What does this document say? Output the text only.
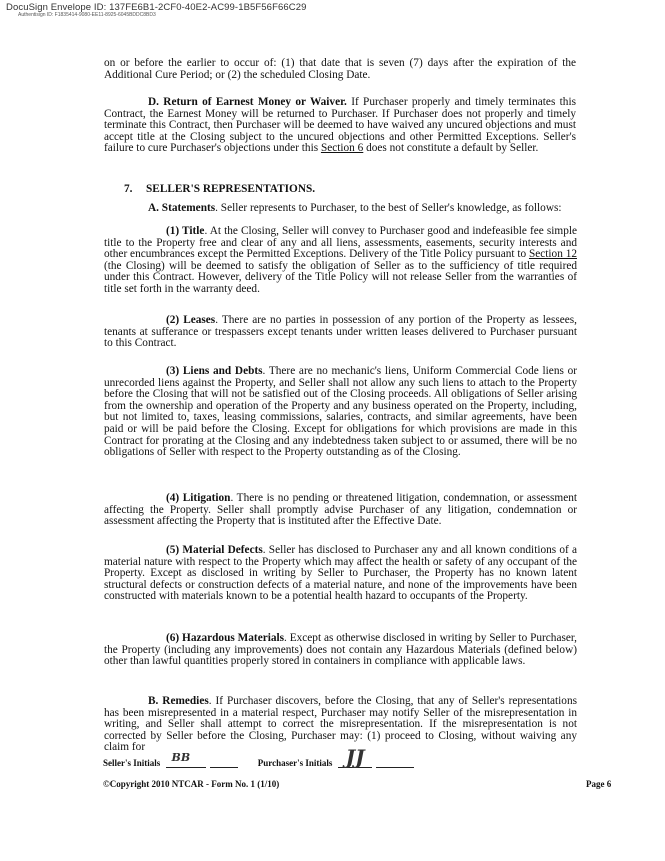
DocuSign Envelope ID: 137FE6B1-2CF0-40E2-AC99-1B5F56F66C29
Authentisign ID: F1835414-9080-EE11-8925-6045BDDC8BD3

on or before the earlier to occur of: (1) that date that is seven (7) days after the expiration of the Additional Cure Period; or (2) the scheduled Closing Date.

D. Return of Earnest Money or Waiver. If Purchaser properly and timely terminates this Contract, the Earnest Money will be returned to Purchaser. If Purchaser does not properly and timely terminate this Contract, then Purchaser will be deemed to have waived any uncured objections and must accept title at the Closing subject to the uncured objections and other Permitted Exceptions. Seller's failure to cure Purchaser's objections under this Section 6 does not constitute a default by Seller.

7. SELLER'S REPRESENTATIONS.

A. Statements. Seller represents to Purchaser, to the best of Seller's knowledge, as follows:

(1) Title. At the Closing, Seller will convey to Purchaser good and indefeasible fee simple title to the Property free and clear of any and all liens, assessments, easements, security interests and other encumbrances except the Permitted Exceptions. Delivery of the Title Policy pursuant to Section 12 (the Closing) will be deemed to satisfy the obligation of Seller as to the sufficiency of title required under this Contract. However, delivery of the Title Policy will not release Seller from the warranties of title set forth in the warranty deed.

(2) Leases. There are no parties in possession of any portion of the Property as lessees, tenants at sufferance or trespassers except tenants under written leases delivered to Purchaser pursuant to this Contract.

(3) Liens and Debts. There are no mechanic's liens, Uniform Commercial Code liens or unrecorded liens against the Property, and Seller shall not allow any such liens to attach to the Property before the Closing that will not be satisfied out of the Closing proceeds. All obligations of Seller arising from the ownership and operation of the Property and any business operated on the Property, including, but not limited to, taxes, leasing commissions, salaries, contracts, and similar agreements, have been paid or will be paid before the Closing. Except for obligations for which provisions are made in this Contract for prorating at the Closing and any indebtedness taken subject to or assumed, there will be no obligations of Seller with respect to the Property outstanding as of the Closing.

(4) Litigation. There is no pending or threatened litigation, condemnation, or assessment affecting the Property. Seller shall promptly advise Purchaser of any litigation, condemnation or assessment affecting the Property that is instituted after the Effective Date.

(5) Material Defects. Seller has disclosed to Purchaser any and all known conditions of a material nature with respect to the Property which may affect the health or safety of any occupant of the Property. Except as disclosed in writing by Seller to Purchaser, the Property has no known latent structural defects or construction defects of a material nature, and none of the improvements have been constructed with materials known to be a potential health hazard to occupants of the Property.

(6) Hazardous Materials. Except as otherwise disclosed in writing by Seller to Purchaser, the Property (including any improvements) does not contain any Hazardous Materials (defined below) other than lawful quantities properly stored in containers in compliance with applicable laws.

B. Remedies. If Purchaser discovers, before the Closing, that any of Seller's representations has been misrepresented in a material respect, Purchaser may notify Seller of the misrepresentation in writing, and Seller shall attempt to correct the misrepresentation. If the misrepresentation is not corrected by Seller before the Closing, Purchaser may: (1) proceed to Closing, without waiving any claim for

Seller's Initials BB	Purchaser's Initials JJ
©Copyright 2010 NTCAR - Form No. 1 (1/10)	Page 6
